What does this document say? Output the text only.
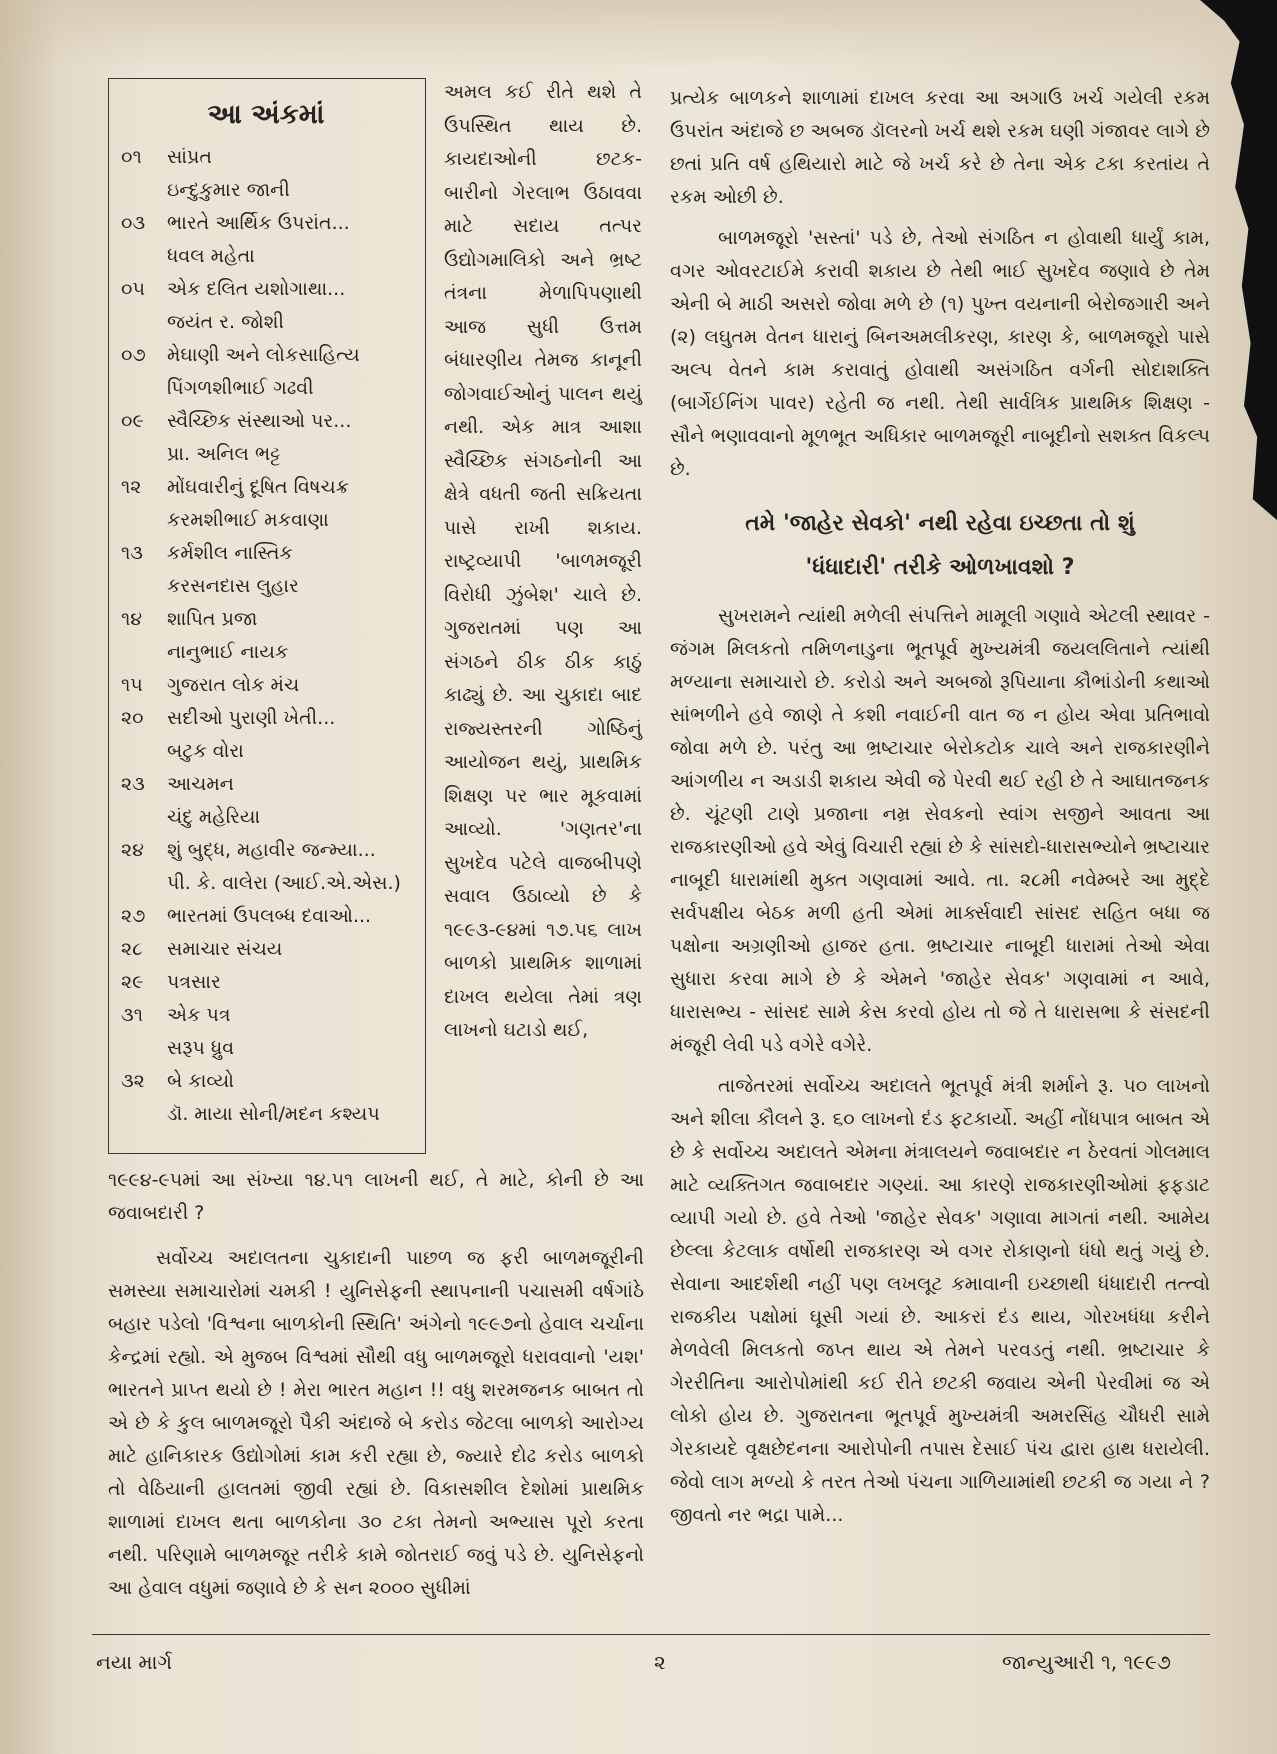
આ અંકમાં
૦૧ સાંપ્રત
ઇન્દુકુમાર જાની
૦૩ ભારતે આર્થિક ઉપરાંત...
ધવલ મહેતા
૦૫ એક દલિત યશોગાથા...
જયંત ર. જોશી
૦૭ મેઘાણી અને લોકસાહિત્ય
પિંગળશીભાઈ ગઢવી
૦૯ સ્વૈચ્છિક સંસ્થાઓ પર...
પ્રા. અનિલ ભટ્ટ
૧૨ મોંઘવારીનું દૂષિત વિષચક્ર
કરમશીભાઈ મકવાણા
૧૩ કર્મશીલ નાસ્તિક
કરસનદાસ લુહાર
૧૪ શાપિત પ્રજા
નાનુભાઈ નાયક
૧૫ ગુજરાત લોક મંચ
૨૦ સદીઓ પુરાણી ખેતી...
બટુક વોરા
૨૩ આચમન
ચંદુ મહેરિયા
૨૪ શું બુદ્ધ, મહાવીર જન્મ્યા...
પી. કે. વાલેરા (આઈ.એ.એસ.)
૨૭ ભારતમાં ઉપલબ્ધ દવાઓ...
૨૮ સમાચાર સંચય
૨૯ પત્રસાર
૩૧ એક પત્ર
સરૂપ ધ્રુવ
૩૨ બે કાવ્યો
ડૉ. માયા સોની/મદન કશ્યપ

અમલ કઈ રીતે થશે તે ઉપસ્થિત થાય છે. કાયદાઓની છટક-બારીનો ગેરલાભ ઉઠાવવા માટે સદાય તત્પર ઉદ્યોગમાલિકો અને ભ્રષ્ટ તંત્રના મેળાપિપણાથી આજ સુધી ઉત્તમ બંધારણીય તેમજ કાનૂની જોગવાઈઓનું પાલન થયું નથી. એક માત્ર આશા સ્વૈચ્છિક સંગઠનોની આ ક્ષેત્રે વધતી જતી સક્રિયતા પાસે રાખી શકાય. રાષ્ટ્રવ્યાપી 'બાળમજૂરી વિરોધી ઝુંબેશ' ચાલે છે. ગુજરાતમાં પણ આ સંગઠને ઠીક ઠીક કાઠું કાઢ્યું છે. આ ચુકાદા બાદ રાજ્યસ્તરની ગોષ્ઠિનું આયોજન થયું, પ્રાથમિક શિક્ષણ પર ભાર મૂકવામાં આવ્યો. 'ગણતર'ના સુખદેવ પટેલે વાજબીપણે સવાલ ઉઠાવ્યો છે કે ૧૯૯૩-૯૪માં ૧૭.૫૬ લાખ બાળકો પ્રાથમિક શાળામાં દાખલ થયેલા તેમાં ત્રણ લાખનો ઘટાડો થઈ,

૧૯૯૪-૯૫માં આ સંખ્યા ૧૪.૫૧ લાખની થઈ, તે માટે, કોની છે આ જવાબદારી ?

સર્વોચ્ચ અદાલતના ચુકાદાની પાછળ જ ફરી બાળમજૂરીની સમસ્યા સમાચારોમાં ચમકી ! યુનિસેફની સ્થાપનાની પચાસમી વર્ષગાંઠે બહાર પડેલો 'વિશ્વના બાળકોની સ્થિતિ' અંગેનો ૧૯૯૭નો હેવાલ ચર્ચાના કેન્દ્રમાં રહ્યો. એ મુજબ વિશ્વમાં સૌથી વધુ બાળમજૂરો ધરાવવાનો 'યશ' ભારતને પ્રાપ્ત થયો છે ! મેરા ભારત મહાન !! વધુ શરમજનક બાબત તો એ છે કે કુલ બાળમજૂરો પૈકી અંદાજે બે કરોડ જેટલા બાળકો આરોગ્ય માટે હાનિકારક ઉદ્યોગોમાં કામ કરી રહ્યા છે, જ્યારે દોઢ કરોડ બાળકો તો વેઠિયાની હાલતમાં જીવી રહ્યાં છે. વિકાસશીલ દેશોમાં પ્રાથમિક શાળામાં દાખલ થતા બાળકોના ૩૦ ટકા તેમનો અભ્યાસ પૂરો કરતા નથી. પરિણામે બાળમજૂર તરીકે કામે જોતરાઈ જવું પડે છે. યુનિસેફનો આ હેવાલ વધુમાં જણાવે છે કે સન ૨૦૦૦ સુધીમાં

પ્રત્યેક બાળકને શાળામાં દાખલ કરવા આ અગાઉ ખર્ચ ગયેલી રકમ ઉપરાંત અંદાજે છ અબજ ડૉલરનો ખર્ચ થશે રકમ ઘણી ગંજાવર લાગે છે છતાં પ્રતિ વર્ષ હથિયારો માટે જે ખર્ચ કરે છે તેના એક ટકા કરતાંય તે રકમ ઓછી છે.

બાળમજૂરો 'સસ્તાં' પડે છે, તેઓ સંગઠિત ન હોવાથી ધાર્યું કામ, વગર ઓવરટાઈમે કરાવી શકાય છે તેથી ભાઈ સુખદેવ જણાવે છે તેમ એની બે માઠી અસરો જોવા મળે છે (૧) પુખ્ત વયનાની બેરોજગારી અને (૨) લઘુતમ વેતન ધારાનું બિનઅમલીકરણ, કારણ કે, બાળમજૂરો પાસે અલ્પ વેતને કામ કરાવાતું હોવાથી અસંગઠિત વર્ગની સોદાશક્તિ (બાર્ગેઈનિંગ પાવર) રહેતી જ નથી. તેથી સાર્વત્રિક પ્રાથમિક શિક્ષણ - સૌને ભણાવવાનો મૂળભૂત અધિકાર બાળમજૂરી નાબૂદીનો સશક્ત વિકલ્પ છે.

તમે 'જાહેર સેવકો' નથી રહેવા ઇચ્છતા તો શું
'ધંધાદારી' તરીકે ઓળખાવશો ?

સુખરામને ત્યાંથી મળેલી સંપત્તિને મામૂલી ગણાવે એટલી સ્થાવર - જંગમ મિલકતો તમિળનાડુના ભૂતપૂર્વ મુખ્યમંત્રી જયલલિતાને ત્યાંથી મળ્યાના સમાચારો છે. કરોડો અને અબજો રૂપિયાના કૌભાંડોની કથાઓ સાંભળીને હવે જાણે તે કશી નવાઈની વાત જ ન હોય એવા પ્રતિભાવો જોવા મળે છે. પરંતુ આ ભ્રષ્ટાચાર બેરોકટોક ચાલે અને રાજકારણીને આંગળીય ન અડાડી શકાય એવી જે પેરવી થઈ રહી છે તે આઘાતજનક છે. ચૂંટણી ટાણે પ્રજાના નમ્ર સેવકનો સ્વાંગ સજીને આવતા આ રાજકારણીઓ હવે એવું વિચારી રહ્યાં છે કે સાંસદો-ધારાસભ્યોને ભ્રષ્ટાચાર નાબૂદી ધારામાંથી મુક્ત ગણવામાં આવે. તા. ૨૮મી નવેમ્બરે આ મુદ્દે સર્વપક્ષીય બેઠક મળી હતી એમાં માર્ક્સવાદી સાંસદ સહિત બધા જ પક્ષોના અગ્રણીઓ હાજર હતા. ભ્રષ્ટાચાર નાબૂદી ધારામાં તેઓ એવા સુધારા કરવા માગે છે કે એમને 'જાહેર સેવક' ગણવામાં ન આવે, ધારાસભ્ય - સાંસદ સામે કેસ કરવો હોય તો જે તે ધારાસભા કે સંસદની મંજૂરી લેવી પડે વગેરે વગેરે.

તાજેતરમાં સર્વોચ્ચ અદાલતે ભૂતપૂર્વ મંત્રી શર્માને રૂ. ૫૦ લાખનો અને શીલા કૌલને રૂ. ૬૦ લાખનો દંડ ફટકાર્યો. અહીં નોંધપાત્ર બાબત એ છે કે સર્વોચ્ચ અદાલતે એમના મંત્રાલયને જવાબદાર ન ઠેરવતાં ગોલમાલ માટે વ્યક્તિગત જવાબદાર ગણ્યાં. આ કારણે રાજકારણીઓમાં ફફડાટ વ્યાપી ગયો છે. હવે તેઓ 'જાહેર સેવક' ગણાવા માગતાં નથી. આમેય છેલ્લા કેટલાક વર્ષોથી રાજકારણ એ વગર રોકાણનો ધંધો થતું ગયું છે. સેવાના આદર્શથી નહીં પણ લખલૂટ કમાવાની ઇચ્છાથી ધંધાદારી તત્ત્વો રાજકીય પક્ષોમાં ઘૂસી ગયાં છે. આકરાં દંડ થાય, ગોરખધંધા કરીને મેળવેલી મિલકતો જપ્ત થાય એ તેમને પરવડતું નથી. ભ્રષ્ટાચાર કે ગેરરીતિના આરોપોમાંથી કઈ રીતે છટકી જવાય એની પેરવીમાં જ એ લોકો હોય છે. ગુજરાતના ભૂતપૂર્વ મુખ્યમંત્રી અમરસિંહ ચૌધરી સામે ગેરકાયદે વૃક્ષછેદનના આરોપોની તપાસ દેસાઈ પંચ દ્વારા હાથ ધરાયેલી. જેવો લાગ મળ્યો કે તરત તેઓ પંચના ગાળિયામાંથી છટકી જ ગયા ને ? જીવતો નર ભદ્રા પામે...

નયા માર્ગ	૨	જાન્યુઆરી ૧, ૧૯૯૭
